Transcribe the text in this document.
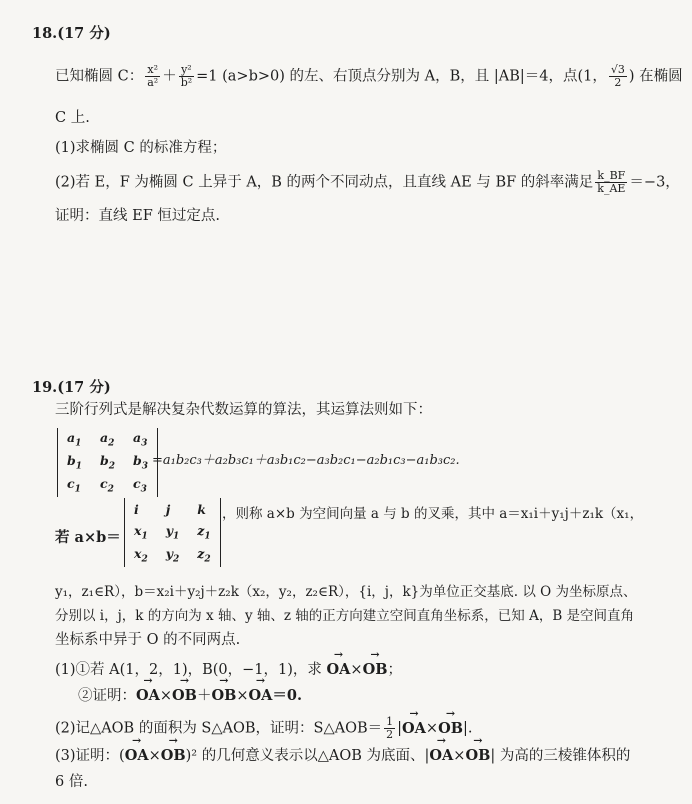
18.(17 分)
已知椭圆 C： $\frac{\text{x²}}{\text{a²}} + \frac{\text{y²}}{\text{b²}} =1$ (a>b>0) 的左、右顶点分别为 A，B，且 |AB|＝4，点(1， $\frac{√3}{2}$ ) 在椭圆
C 上.
(1)求椭圆 C 的标准方程；
(2)若 E，F 为椭圆 C 上异于 A，B 的两个不同动点，且直线 AE 与 BF 的斜率满足 $\frac{k\_BF}{k\_AE} =-3$，
证明：直线 EF 恒过定点.
19.(17 分)
三阶行列式是解决复杂代数运算的算法，其运算法则如下：
$a_1$	$a_2$	$a_3$
$b_1$	$b_2$	$b_3$
$c_1$	$c_2$	$c_3$
=a₁b₂c₃＋a₂b₃c₁＋a₃b₁c₂−a₃b₂c₁−a₂b₁c₃−a₁b₃c₂.
若 a×b＝
i	j	k
$x_1$	$y_1$	$z_1$
$x_2$	$y_2$	$z_2$
，则称 a×b 为空间向量 a 与 b 的叉乘，其中 a＝x₁i＋y₁j＋z₁k（x₁，
y₁，z₁∈R），b＝x₂i＋y₂j＋z₂k（x₂，y₂，z₂∈R），{i，j，k}为单位正交基底. 以 O 为坐标原点、
分别以 i，j，k 的方向为 x 轴、y 轴、z 轴的正方向建立空间直角坐标系，已知 A，B 是空间直角
坐标系中异于 O 的不同两点.
(1)①若 A(1，2，1)，B(0，−1，1)，求 → OA×→ OB；
②证明：→ OA×→ OB＋→ OB×→ OA＝0.
(2)记△AOB 的面积为 S△AOB，证明：S△AOB＝ $\frac{1}{2}$ |→ OA×→ OB|.
(3)证明：(→ OA×→ OB)² 的几何意义表示以△AOB 为底面、|→ OA×→ OB| 为高的三棱锥体积的
6 倍.
